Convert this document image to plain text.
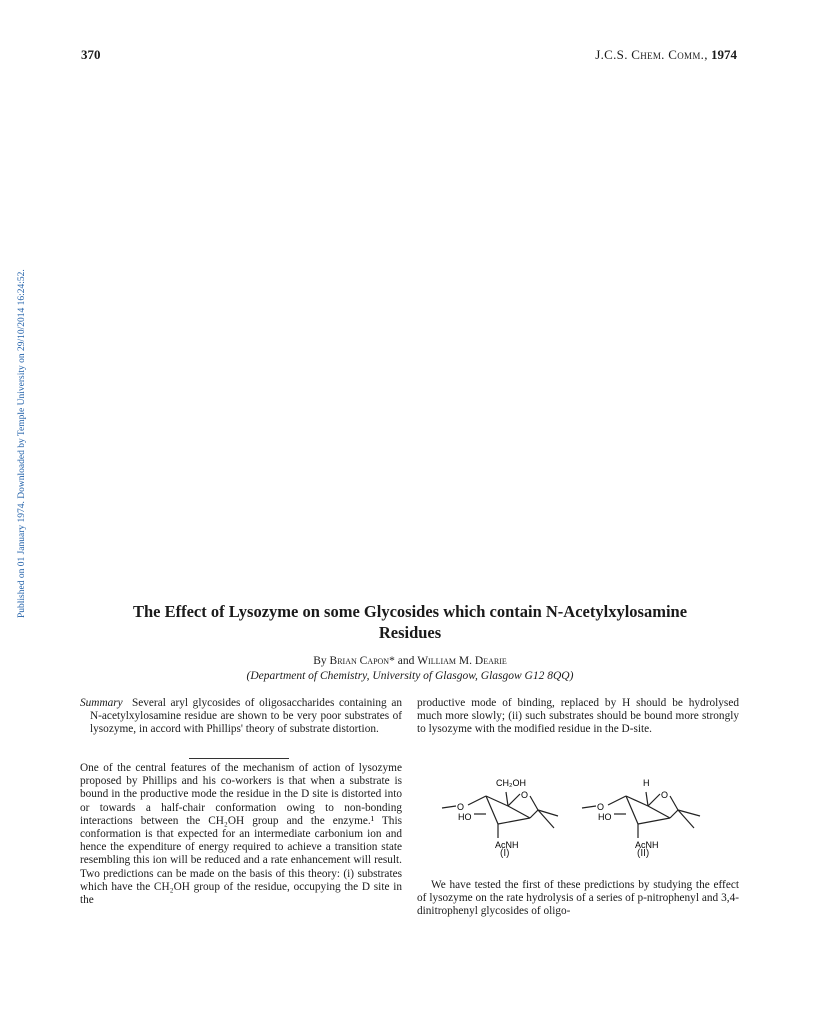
370	J.C.S. Chem. Comm., 1974
Published on 01 January 1974. Downloaded by Temple University on 29/10/2014 16:24:52.	The Effect of Lysozyme on some Glycosides which contain N-Acetylxylosamine
Residues
By Brian Capon* and William M. Dearie
(Department of Chemistry, University of Glasgow, Glasgow G12 8QQ)

Summary Several aryl glycosides of oligosaccharides containing an N-acetylxylosamine residue are shown to be very poor substrates of lysozyme, in accord with Phillips' theory of substrate distortion.

One of the central features of the mechanism of action of lysozyme proposed by Phillips and his co-workers is that when a substrate is bound in the productive mode the residue in the D site is distorted into or towards a half-chair conformation owing to non-bonding interactions between the CH₂OH group and the enzyme.¹ This conformation is that expected for an intermediate carbonium ion and hence the expenditure of energy required to achieve a transition state resembling this ion will be reduced and a rate enhancement will result. Two predictions can be made on the basis of this theory: (i) substrates which have the CH₂OH group of the residue, occupying the D site in the

productive mode of binding, replaced by H should be hydrolysed much more slowly; (ii) such substrates should be bound more strongly to lysozyme with the modified residue in the D-site.

CH₂OH
O
O
HO
AcNH
(I)
H
O
O
HO
AcNH
(II)

We have tested the first of these predictions by studying the effect of lysozyme on the rate hydrolysis of a series of p-nitrophenyl and 3,4-dinitrophenyl glycosides of oligo-
